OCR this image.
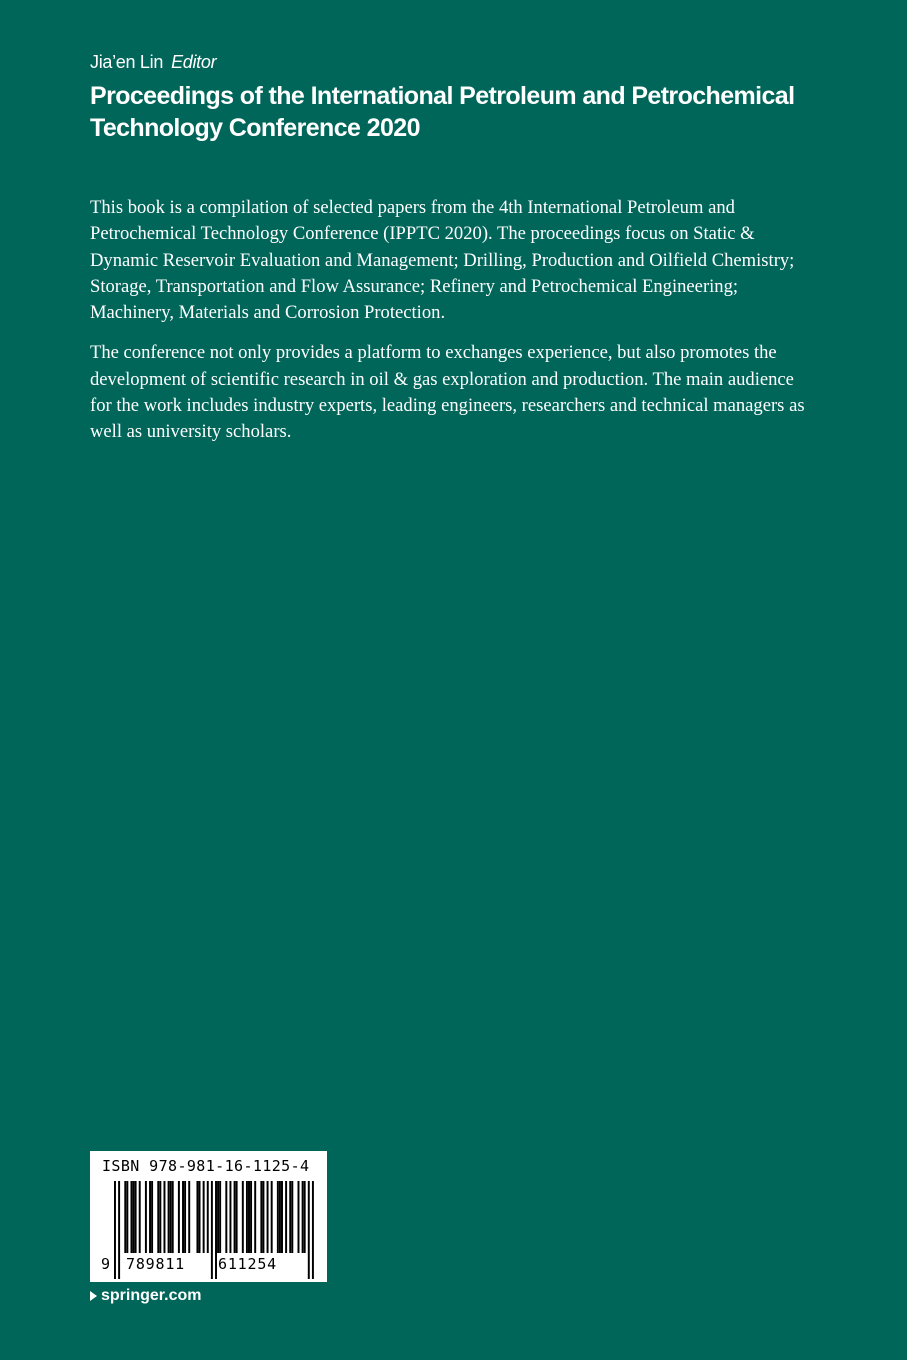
Jia’en Lin Editor
Proceedings of the International Petroleum and Petrochemical Technology Conference 2020

This book is a compilation of selected papers from the 4th International Petroleum and Petrochemical Technology Conference (IPPTC 2020). The proceedings focus on Static & Dynamic Reservoir Evaluation and Management; Drilling, Production and Oilfield Chemistry; Storage, Transportation and Flow Assurance; Refinery and Petrochemical Engineering; Machinery, Materials and Corrosion Protection.

The conference not only provides a platform to exchanges experience, but also promotes the development of scientific research in oil & gas exploration and production. The main audience for the work includes industry experts, leading engineers, researchers and technical managers as well as university scholars.

ISBN 978-981-16-1125-4
9 789811 611254
springer.com
